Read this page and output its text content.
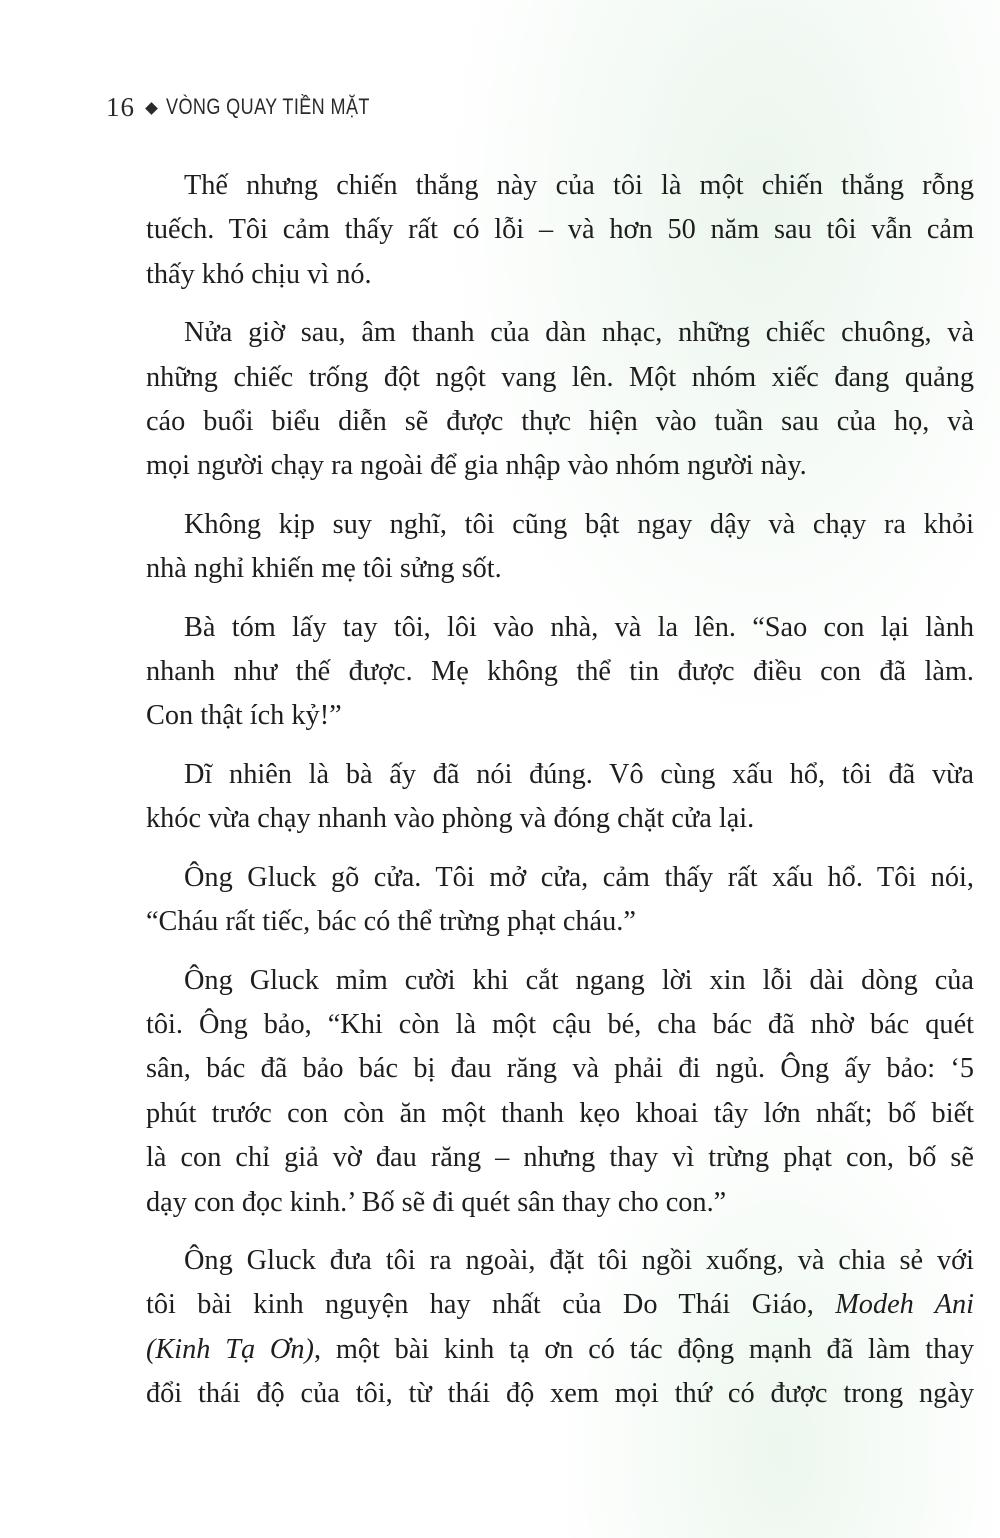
16 VÒNG QUAY TIỀN MẶT
Thế nhưng chiến thắng này của tôi là một chiến thắng rỗng
tuếch. Tôi cảm thấy rất có lỗi – và hơn 50 năm sau tôi vẫn cảm
thấy khó chịu vì nó.
Nửa giờ sau, âm thanh của dàn nhạc, những chiếc chuông, và
những chiếc trống đột ngột vang lên. Một nhóm xiếc đang quảng
cáo buổi biểu diễn sẽ được thực hiện vào tuần sau của họ, và
mọi người chạy ra ngoài để gia nhập vào nhóm người này.
Không kịp suy nghĩ, tôi cũng bật ngay dậy và chạy ra khỏi
nhà nghỉ khiến mẹ tôi sửng sốt.
Bà tóm lấy tay tôi, lôi vào nhà, và la lên. “Sao con lại lành
nhanh như thế được. Mẹ không thể tin được điều con đã làm.
Con thật ích kỷ!”
Dĩ nhiên là bà ấy đã nói đúng. Vô cùng xấu hổ, tôi đã vừa
khóc vừa chạy nhanh vào phòng và đóng chặt cửa lại.
Ông Gluck gõ cửa. Tôi mở cửa, cảm thấy rất xấu hổ. Tôi nói,
“Cháu rất tiếc, bác có thể trừng phạt cháu.”
Ông Gluck mỉm cười khi cắt ngang lời xin lỗi dài dòng của
tôi. Ông bảo, “Khi còn là một cậu bé, cha bác đã nhờ bác quét
sân, bác đã bảo bác bị đau răng và phải đi ngủ. Ông ấy bảo: ‘5
phút trước con còn ăn một thanh kẹo khoai tây lớn nhất; bố biết
là con chỉ giả vờ đau răng – nhưng thay vì trừng phạt con, bố sẽ
dạy con đọc kinh.’ Bố sẽ đi quét sân thay cho con.”
Ông Gluck đưa tôi ra ngoài, đặt tôi ngồi xuống, và chia sẻ với
tôi bài kinh nguyện hay nhất của Do Thái Giáo, Modeh Ani
(Kinh Tạ Ơn), một bài kinh tạ ơn có tác động mạnh đã làm thay
đổi thái độ của tôi, từ thái độ xem mọi thứ có được trong ngày
